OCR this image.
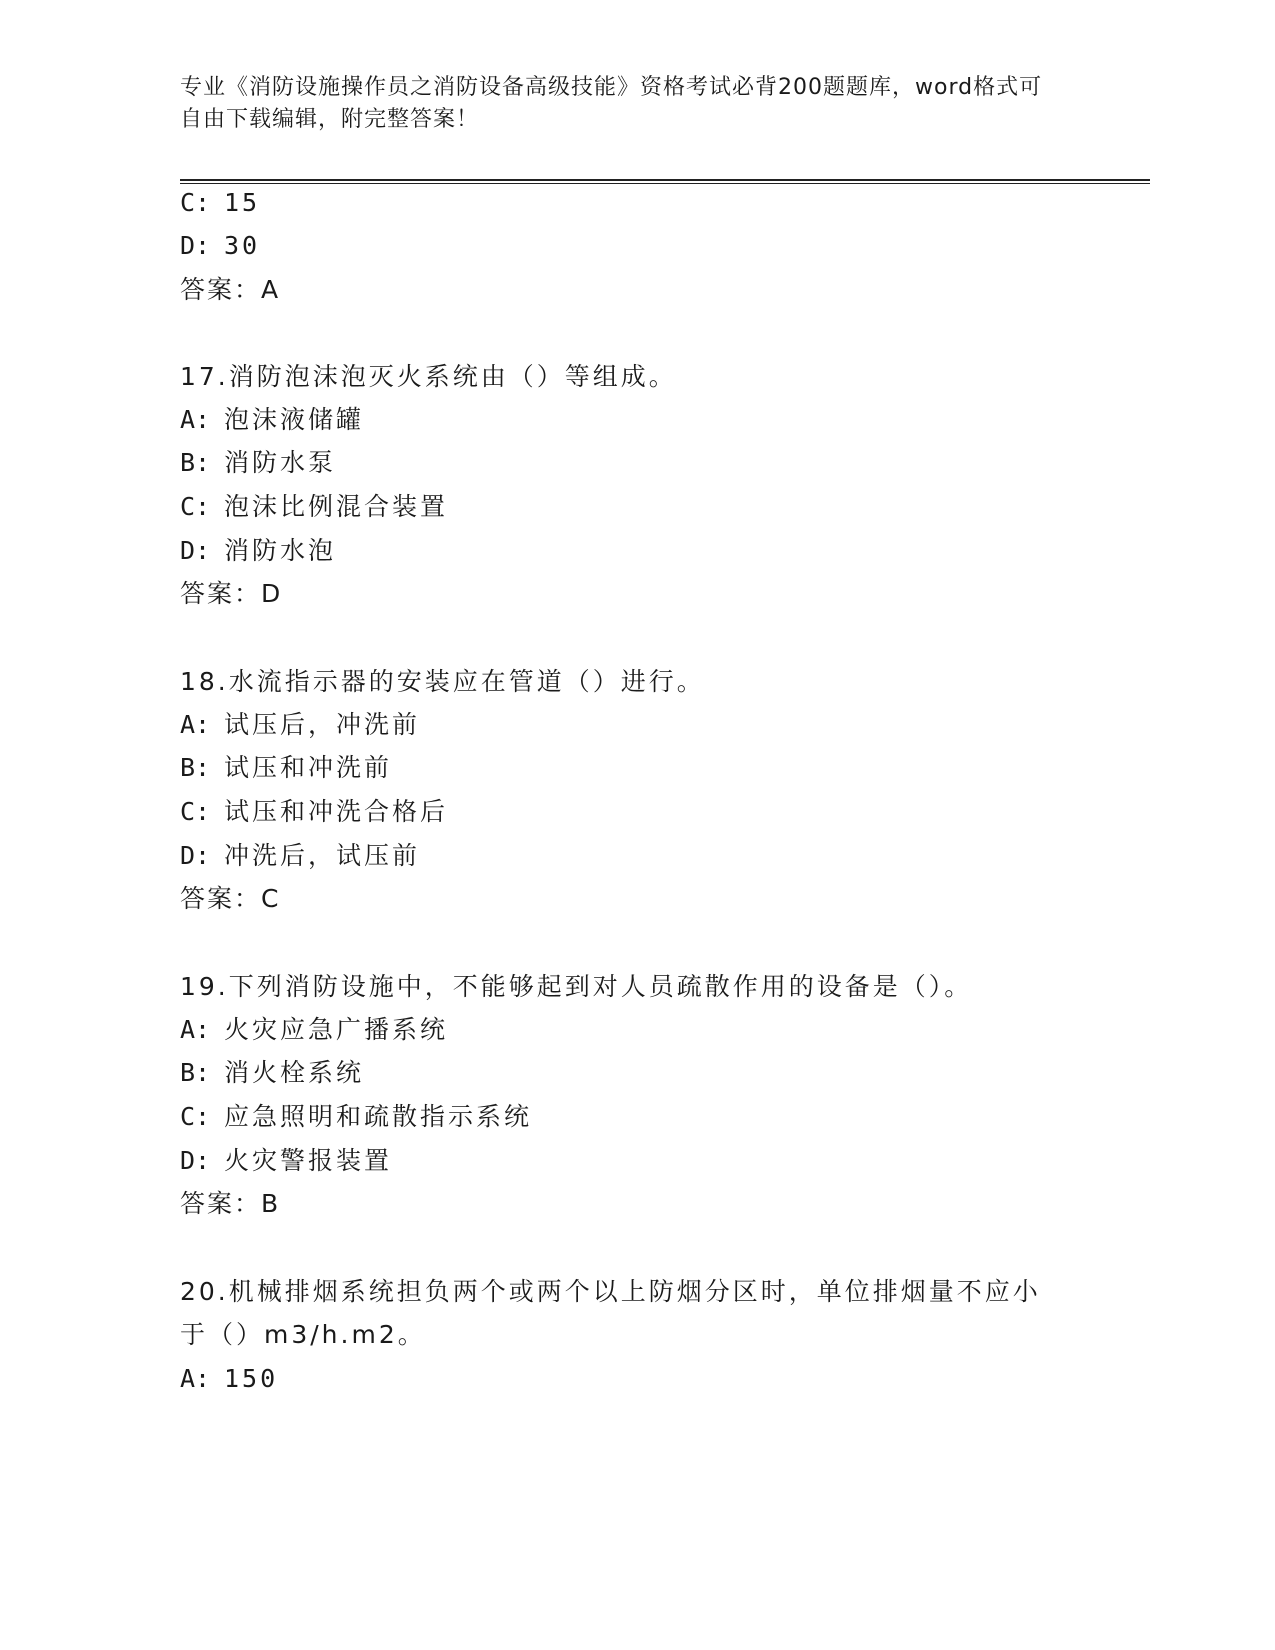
专业《消防设施操作员之消防设备高级技能》资格考试必背200题题库，word格式可自由下载编辑，附完整答案！
C: 15
D: 30
答案：A
17.消防泡沫泡灭火系统由（）等组成。
A: 泡沫液储罐
B: 消防水泵
C: 泡沫比例混合装置
D: 消防水泡
答案：D
18.水流指示器的安装应在管道（）进行。
A: 试压后，冲洗前
B: 试压和冲洗前
C: 试压和冲洗合格后
D: 冲洗后，试压前
答案：C
19.下列消防设施中，不能够起到对人员疏散作用的设备是（）。
A: 火灾应急广播系统
B: 消火栓系统
C: 应急照明和疏散指示系统
D: 火灾警报装置
答案：B
20.机械排烟系统担负两个或两个以上防烟分区时，单位排烟量不应小
于（）m3/h.m2。
A: 150
